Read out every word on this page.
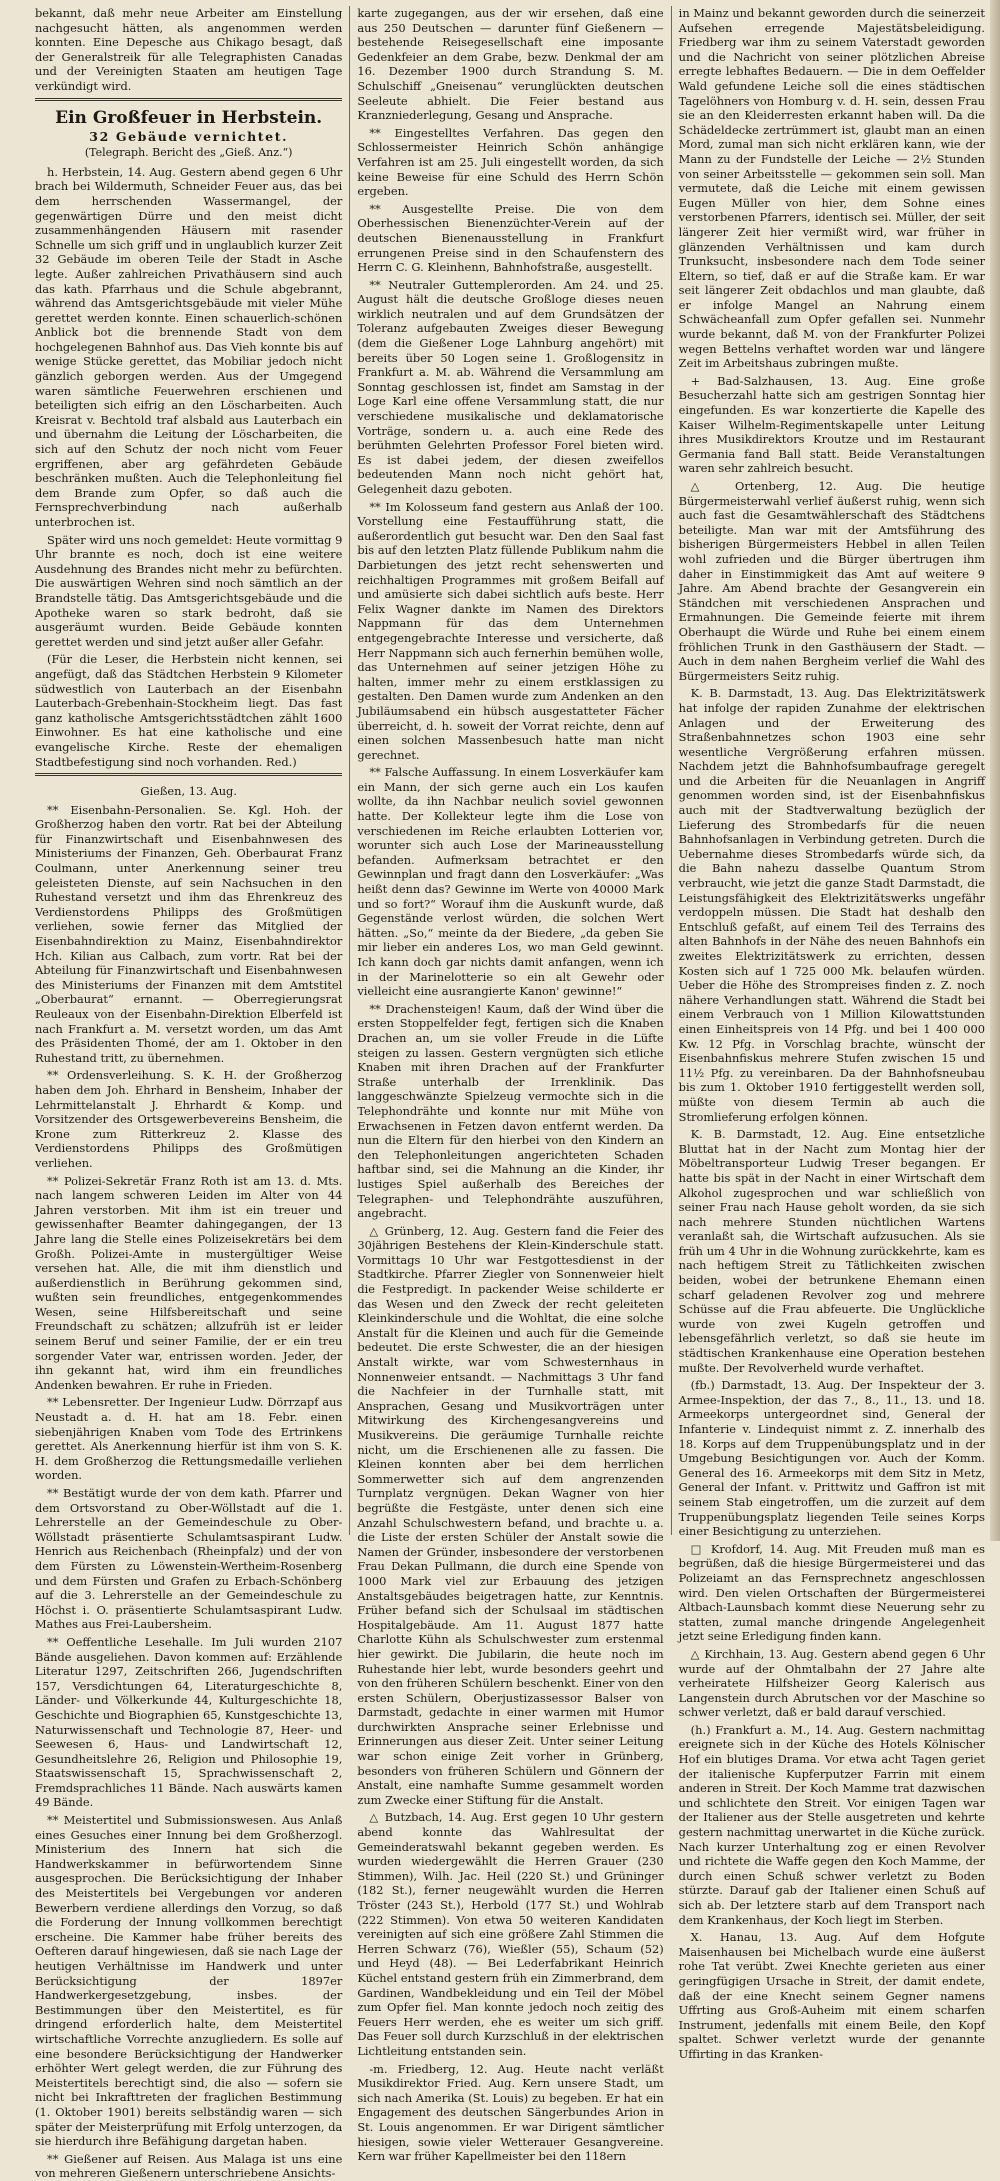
bekannt, daß mehr neue Arbeiter am Einstellung nachgesucht hätten, als angenommen werden konnten. Eine Depesche aus Chikago besagt, daß der Generalstreik für alle Telegraphisten Canadas und der Vereinigten Staaten am heutigen Tage verkündigt wird.

Ein Großfeuer in Herbstein.
32 Gebäude vernichtet.
(Telegraph. Bericht des „Gieß. Anz.“)

h. Herbstein, 14. Aug. Gestern abend gegen 6 Uhr brach bei Wildermuth, Schneider Feuer aus, das bei dem herrschenden Wassermangel, der gegenwärtigen Dürre und den meist dicht zusammenhängenden Häusern mit rasender Schnelle um sich griff und in unglaublich kurzer Zeit 32 Gebäude im oberen Teile der Stadt in Asche legte. Außer zahlreichen Privathäusern sind auch das kath. Pfarrhaus und die Schule abgebrannt, während das Amtsgerichtsgebäude mit vieler Mühe gerettet werden konnte. Einen schauerlich-schönen Anblick bot die brennende Stadt von dem hochgelegenen Bahnhof aus. Das Vieh konnte bis auf wenige Stücke gerettet, das Mobiliar jedoch nicht gänzlich geborgen werden. Aus der Umgegend waren sämtliche Feuerwehren erschienen und beteiligten sich eifrig an den Löscharbeiten. Auch Kreisrat v. Bechtold traf alsbald aus Lauterbach ein und übernahm die Leitung der Löscharbeiten, die sich auf den Schutz der noch nicht vom Feuer ergriffenen, aber arg gefährdeten Gebäude beschränken mußten. Auch die Telephonleitung fiel dem Brande zum Opfer, so daß auch die Fernsprechverbindung nach außerhalb unterbrochen ist.

Später wird uns noch gemeldet: Heute vormittag 9 Uhr brannte es noch, doch ist eine weitere Ausdehnung des Brandes nicht mehr zu befürchten. Die auswärtigen Wehren sind noch sämtlich an der Brandstelle tätig. Das Amtsgerichtsgebäude und die Apotheke waren so stark bedroht, daß sie ausgeräumt wurden. Beide Gebäude konnten gerettet werden und sind jetzt außer aller Gefahr.

(Für die Leser, die Herbstein nicht kennen, sei angefügt, daß das Städtchen Herbstein 9 Kilometer südwestlich von Lauterbach an der Eisenbahn Lauterbach-Grebenhain-Stockheim liegt. Das fast ganz katholische Amtsgerichtsstädtchen zählt 1600 Einwohner. Es hat eine katholische und eine evangelische Kirche. Reste der ehemaligen Stadtbefestigung sind noch vorhanden. Red.)

Gießen, 13. Aug.

** Eisenbahn-Personalien. Se. Kgl. Hoh. der Großherzog haben den vortr. Rat bei der Abteilung für Finanzwirtschaft und Eisenbahnwesen des Ministeriums der Finanzen, Geh. Oberbaurat Franz Coulmann, unter Anerkennung seiner treu geleisteten Dienste, auf sein Nachsuchen in den Ruhestand versetzt und ihm das Ehrenkreuz des Verdienstordens Philipps des Großmütigen verliehen, sowie ferner das Mitglied der Eisenbahndirektion zu Mainz, Eisenbahndirektor Hch. Kilian aus Calbach, zum vortr. Rat bei der Abteilung für Finanzwirtschaft und Eisenbahnwesen des Ministeriums der Finanzen mit dem Amtstitel „Oberbaurat“ ernannt. — Oberregierungsrat Reuleaux von der Eisenbahn-Direktion Elberfeld ist nach Frankfurt a. M. versetzt worden, um das Amt des Präsidenten Thomé, der am 1. Oktober in den Ruhestand tritt, zu übernehmen.

** Ordensverleihung. S. K. H. der Großherzog haben dem Joh. Ehrhard in Bensheim, Inhaber der Lehrmittelanstalt J. Ehrhardt & Komp. und Vorsitzender des Ortsgewerbevereins Bensheim, die Krone zum Ritterkreuz 2. Klasse des Verdienstordens Philipps des Großmütigen verliehen.

** Polizei-Sekretär Franz Roth ist am 13. d. Mts. nach langem schweren Leiden im Alter von 44 Jahren verstorben. Mit ihm ist ein treuer und gewissenhafter Beamter dahingegangen, der 13 Jahre lang die Stelle eines Polizeisekretärs bei dem Großh. Polizei-Amte in mustergültiger Weise versehen hat. Alle, die mit ihm dienstlich und außerdienstlich in Berührung gekommen sind, wußten sein freundliches, entgegenkommendes Wesen, seine Hilfsbereitschaft und seine Freundschaft zu schätzen; allzufrüh ist er leider seinem Beruf und seiner Familie, der er ein treu sorgender Vater war, entrissen worden. Jeder, der ihn gekannt hat, wird ihm ein freundliches Andenken bewahren. Er ruhe in Frieden.

** Lebensretter. Der Ingenieur Ludw. Dörrzapf aus Neustadt a. d. H. hat am 18. Febr. einen siebenjährigen Knaben vom Tode des Ertrinkens gerettet. Als Anerkennung hierfür ist ihm von S. K. H. dem Großherzog die Rettungsmedaille verliehen worden.

** Bestätigt wurde der von dem kath. Pfarrer und dem Ortsvorstand zu Ober-Wöllstadt auf die 1. Lehrerstelle an der Gemeindeschule zu Ober-Wöllstadt präsentierte Schulamtsaspirant Ludw. Henrich aus Reichenbach (Rheinpfalz) und der von dem Fürsten zu Löwenstein-Wertheim-Rosenberg und dem Fürsten und Grafen zu Erbach-Schönberg auf die 3. Lehrerstelle an der Gemeindeschule zu Höchst i. O. präsentierte Schulamtsaspirant Ludw. Mathes aus Frei-Laubersheim.

** Oeffentliche Lesehalle. Im Juli wurden 2107 Bände ausgeliehen. Davon kommen auf: Erzählende Literatur 1297, Zeitschriften 266, Jugendschriften 157, Versdichtungen 64, Literaturgeschichte 8, Länder- und Völkerkunde 44, Kulturgeschichte 18, Geschichte und Biographien 65, Kunstgeschichte 13, Naturwissenschaft und Technologie 87, Heer- und Seewesen 6, Haus- und Landwirtschaft 12, Gesundheitslehre 26, Religion und Philosophie 19, Staatswissenschaft 15, Sprachwissenschaft 2, Fremdsprachliches 11 Bände. Nach auswärts kamen 49 Bände.

** Meistertitel und Submissionswesen. Aus Anlaß eines Gesuches einer Innung bei dem Großherzogl. Ministerium des Innern hat sich die Handwerkskammer in befürwortendem Sinne ausgesprochen. Die Berücksichtigung der Inhaber des Meistertitels bei Vergebungen vor anderen Bewerbern verdiene allerdings den Vorzug, so daß die Forderung der Innung vollkommen berechtigt erscheine. Die Kammer habe früher bereits des Oefteren darauf hingewiesen, daß sie nach Lage der heutigen Verhältnisse im Handwerk und unter Berücksichtigung der 1897er Handwerkergesetzgebung, insbes. der Bestimmungen über den Meistertitel, es für dringend erforderlich halte, dem Meistertitel wirtschaftliche Vorrechte anzugliedern. Es solle auf eine besondere Berücksichtigung der Handwerker erhöhter Wert gelegt werden, die zur Führung des Meistertitels berechtigt sind, die also — sofern sie nicht bei Inkrafttreten der fraglichen Bestimmung (1. Oktober 1901) bereits selbständig waren — sich später der Meisterprüfung mit Erfolg unterzogen, da sie hierdurch ihre Befähigung dargetan haben.

** Gießener auf Reisen. Aus Malaga ist uns eine von mehreren Gießenern unterschriebene Ansichts-

karte zugegangen, aus der wir ersehen, daß eine aus 250 Deutschen — darunter fünf Gießenern — bestehende Reisegesellschaft eine imposante Gedenkfeier an dem Grabe, bezw. Denkmal der am 16. Dezember 1900 durch Strandung S. M. Schulschiff „Gneisenau“ verunglückten deutschen Seeleute abhielt. Die Feier bestand aus Kranzniederlegung, Gesang und Ansprache.

** Eingestelltes Verfahren. Das gegen den Schlossermeister Heinrich Schön anhängige Verfahren ist am 25. Juli eingestellt worden, da sich keine Beweise für eine Schuld des Herrn Schön ergeben.

** Ausgestellte Preise. Die von dem Oberhessischen Bienenzüchter-Verein auf der deutschen Bienenausstellung in Frankfurt errungenen Preise sind in den Schaufenstern des Herrn C. G. Kleinhenn, Bahnhofstraße, ausgestellt.

** Neutraler Guttemplerorden. Am 24. und 25. August hält die deutsche Großloge dieses neuen wirklich neutralen und auf dem Grundsätzen der Toleranz aufgebauten Zweiges dieser Bewegung (dem die Gießener Loge Lahnburg angehört) mit bereits über 50 Logen seine 1. Großlogensitz in Frankfurt a. M. ab. Während die Versammlung am Sonntag geschlossen ist, findet am Samstag in der Loge Karl eine offene Versammlung statt, die nur verschiedene musikalische und deklamatorische Vorträge, sondern u. a. auch eine Rede des berühmten Gelehrten Professor Forel bieten wird. Es ist dabei jedem, der diesen zweifellos bedeutenden Mann noch nicht gehört hat, Gelegenheit dazu geboten.

** Im Kolosseum fand gestern aus Anlaß der 100. Vorstellung eine Festaufführung statt, die außerordentlich gut besucht war. Den den Saal fast bis auf den letzten Platz füllende Publikum nahm die Darbietungen des jetzt recht sehenswerten und reichhaltigen Programmes mit großem Beifall auf und amüsierte sich dabei sichtlich aufs beste. Herr Felix Wagner dankte im Namen des Direktors Nappmann für das dem Unternehmen entgegengebrachte Interesse und versicherte, daß Herr Nappmann sich auch fernerhin bemühen wolle, das Unternehmen auf seiner jetzigen Höhe zu halten, immer mehr zu einem erstklassigen zu gestalten. Den Damen wurde zum Andenken an den Jubiläumsabend ein hübsch ausgestatteter Fächer überreicht, d. h. soweit der Vorrat reichte, denn auf einen solchen Massenbesuch hatte man nicht gerechnet.

** Falsche Auffassung. In einem Losverkäufer kam ein Mann, der sich gerne auch ein Los kaufen wollte, da ihn Nachbar neulich soviel gewonnen hatte. Der Kollekteur legte ihm die Lose von verschiedenen im Reiche erlaubten Lotterien vor, worunter sich auch Lose der Marineausstellung befanden. Aufmerksam betrachtet er den Gewinnplan und fragt dann den Losverkäufer: „Was heißt denn das? Gewinne im Werte von 40000 Mark und so fort?“ Worauf ihm die Auskunft wurde, daß Gegenstände verlost würden, die solchen Wert hätten. „So,“ meinte da der Biedere, „da geben Sie mir lieber ein anderes Los, wo man Geld gewinnt. Ich kann doch gar nichts damit anfangen, wenn ich in der Marinelotterie so ein alt Gewehr oder vielleicht eine ausrangierte Kanon' gewinne!“

** Drachensteigen! Kaum, daß der Wind über die ersten Stoppelfelder fegt, fertigen sich die Knaben Drachen an, um sie voller Freude in die Lüfte steigen zu lassen. Gestern vergnügten sich etliche Knaben mit ihren Drachen auf der Frankfurter Straße unterhalb der Irrenklinik. Das langgeschwänzte Spielzeug vermochte sich in die Telephondrähte und konnte nur mit Mühe von Erwachsenen in Fetzen davon entfernt werden. Da nun die Eltern für den hierbei von den Kindern an den Telephonleitungen angerichteten Schaden haftbar sind, sei die Mahnung an die Kinder, ihr lustiges Spiel außerhalb des Bereiches der Telegraphen- und Telephondrähte auszuführen, angebracht.

△ Grünberg, 12. Aug. Gestern fand die Feier des 30jährigen Bestehens der Klein-Kinderschule statt. Vormittags 10 Uhr war Festgottesdienst in der Stadtkirche. Pfarrer Ziegler von Sonnenweier hielt die Festpredigt. In packender Weise schilderte er das Wesen und den Zweck der recht geleiteten Kleinkinderschule und die Wohltat, die eine solche Anstalt für die Kleinen und auch für die Gemeinde bedeutet. Die erste Schwester, die an der hiesigen Anstalt wirkte, war vom Schwesternhaus in Nonnenweier entsandt. — Nachmittags 3 Uhr fand die Nachfeier in der Turnhalle statt, mit Ansprachen, Gesang und Musikvorträgen unter Mitwirkung des Kirchengesangvereins und Musikvereins. Die geräumige Turnhalle reichte nicht, um die Erschienenen alle zu fassen. Die Kleinen konnten aber bei dem herrlichen Sommerwetter sich auf dem angrenzenden Turnplatz vergnügen. Dekan Wagner von hier begrüßte die Festgäste, unter denen sich eine Anzahl Schulschwestern befand, und brachte u. a. die Liste der ersten Schüler der Anstalt sowie die Namen der Gründer, insbesondere der verstorbenen Frau Dekan Pullmann, die durch eine Spende von 1000 Mark viel zur Erbauung des jetzigen Anstaltsgebäudes beigetragen hatte, zur Kenntnis. Früher befand sich der Schulsaal im städtischen Hospitalgebäude. Am 11. August 1877 hatte Charlotte Kühn als Schulschwester zum erstenmal hier gewirkt. Die Jubilarin, die heute noch im Ruhestande hier lebt, wurde besonders geehrt und von den früheren Schülern beschenkt. Einer von den ersten Schülern, Oberjustizassessor Balser von Darmstadt, gedachte in einer warmen mit Humor durchwirkten Ansprache seiner Erlebnisse und Erinnerungen aus dieser Zeit. Unter seiner Leitung war schon einige Zeit vorher in Grünberg, besonders von früheren Schülern und Gönnern der Anstalt, eine namhafte Summe gesammelt worden zum Zwecke einer Stiftung für die Anstalt.

△ Butzbach, 14. Aug. Erst gegen 10 Uhr gestern abend konnte das Wahlresultat der Gemeinderatswahl bekannt gegeben werden. Es wurden wiedergewählt die Herren Grauer (230 Stimmen), Wilh. Jac. Heil (220 St.) und Grüninger (182 St.), ferner neugewählt wurden die Herren Tröster (243 St.), Herbold (177 St.) und Wohlrab (222 Stimmen). Von etwa 50 weiteren Kandidaten vereinigten auf sich eine größere Zahl Stimmen die Herren Schwarz (76), Wießler (55), Schaum (52) und Heyd (48). — Bei Lederfabrikant Heinrich Küchel entstand gestern früh ein Zimmerbrand, dem Gardinen, Wandbekleidung und ein Teil der Möbel zum Opfer fiel. Man konnte jedoch noch zeitig des Feuers Herr werden, ehe es weiter um sich griff. Das Feuer soll durch Kurzschluß in der elektrischen Lichtleitung entstanden sein.

-m. Friedberg, 12. Aug. Heute nacht verläßt Musikdirektor Fried. Aug. Kern unsere Stadt, um sich nach Amerika (St. Louis) zu begeben. Er hat ein Engagement des deutschen Sängerbundes Arion in St. Louis angenommen. Er war Dirigent sämtlicher hiesigen, sowie vieler Wetterauer Gesangvereine. Kern war früher Kapellmeister bei den 118ern

in Mainz und bekannt geworden durch die seinerzeit Aufsehen erregende Majestätsbeleidigung. Friedberg war ihm zu seinem Vaterstadt geworden und die Nachricht von seiner plötzlichen Abreise erregte lebhaftes Bedauern. — Die in dem Oeffelder Wald gefundene Leiche soll die eines städtischen Tagelöhners von Homburg v. d. H. sein, dessen Frau sie an den Kleiderresten erkannt haben will. Da die Schädeldecke zertrümmert ist, glaubt man an einen Mord, zumal man sich nicht erklären kann, wie der Mann zu der Fundstelle der Leiche — 2½ Stunden von seiner Arbeitsstelle — gekommen sein soll. Man vermutete, daß die Leiche mit einem gewissen Eugen Müller von hier, dem Sohne eines verstorbenen Pfarrers, identisch sei. Müller, der seit längerer Zeit hier vermißt wird, war früher in glänzenden Verhältnissen und kam durch Trunksucht, insbesondere nach dem Tode seiner Eltern, so tief, daß er auf die Straße kam. Er war seit längerer Zeit obdachlos und man glaubte, daß er infolge Mangel an Nahrung einem Schwächeanfall zum Opfer gefallen sei. Nunmehr wurde bekannt, daß M. von der Frankfurter Polizei wegen Bettelns verhaftet worden war und längere Zeit im Arbeitshaus zubringen mußte.

+ Bad-Salzhausen, 13. Aug. Eine große Besucherzahl hatte sich am gestrigen Sonntag hier eingefunden. Es war konzertierte die Kapelle des Kaiser Wilhelm-Regimentskapelle unter Leitung ihres Musikdirektors Kroutze und im Restaurant Germania fand Ball statt. Beide Veranstaltungen waren sehr zahlreich besucht.

△ Ortenberg, 12. Aug. Die heutige Bürgermeisterwahl verlief äußerst ruhig, wenn sich auch fast die Gesamtwählerschaft des Städtchens beteiligte. Man war mit der Amtsführung des bisherigen Bürgermeisters Hebbel in allen Teilen wohl zufrieden und die Bürger übertrugen ihm daher in Einstimmigkeit das Amt auf weitere 9 Jahre. Am Abend brachte der Gesangverein ein Ständchen mit verschiedenen Ansprachen und Ermahnungen. Die Gemeinde feierte mit ihrem Oberhaupt die Würde und Ruhe bei einem einem fröhlichen Trunk in den Gasthäusern der Stadt. — Auch in dem nahen Bergheim verlief die Wahl des Bürgermeisters Seitz ruhig.

K. B. Darmstadt, 13. Aug. Das Elektrizitätswerk hat infolge der rapiden Zunahme der elektrischen Anlagen und der Erweiterung des Straßenbahnnetzes schon 1903 eine sehr wesentliche Vergrößerung erfahren müssen. Nachdem jetzt die Bahnhofsumbaufrage geregelt und die Arbeiten für die Neuanlagen in Angriff genommen worden sind, ist der Eisenbahnfiskus auch mit der Stadtverwaltung bezüglich der Lieferung des Strombedarfs für die neuen Bahnhofsanlagen in Verbindung getreten. Durch die Uebernahme dieses Strombedarfs würde sich, da die Bahn nahezu dasselbe Quantum Strom verbraucht, wie jetzt die ganze Stadt Darmstadt, die Leistungsfähigkeit des Elektrizitätswerks ungefähr verdoppeln müssen. Die Stadt hat deshalb den Entschluß gefaßt, auf einem Teil des Terrains des alten Bahnhofs in der Nähe des neuen Bahnhofs ein zweites Elektrizitätswerk zu errichten, dessen Kosten sich auf 1 725 000 Mk. belaufen würden. Ueber die Höhe des Strompreises finden z. Z. noch nähere Verhandlungen statt. Während die Stadt bei einem Verbrauch von 1 Million Kilowattstunden einen Einheitspreis von 14 Pfg. und bei 1 400 000 Kw. 12 Pfg. in Vorschlag brachte, wünscht der Eisenbahnfiskus mehrere Stufen zwischen 15 und 11½ Pfg. zu vereinbaren. Da der Bahnhofsneubau bis zum 1. Oktober 1910 fertiggestellt werden soll, müßte von diesem Termin ab auch die Stromlieferung erfolgen können.

K. B. Darmstadt, 12. Aug. Eine entsetzliche Bluttat hat in der Nacht zum Montag hier der Möbeltransporteur Ludwig Treser begangen. Er hatte bis spät in der Nacht in einer Wirtschaft dem Alkohol zugesprochen und war schließlich von seiner Frau nach Hause geholt worden, da sie sich nach mehrere Stunden nüchtlichen Wartens veranlaßt sah, die Wirtschaft aufzusuchen. Als sie früh um 4 Uhr in die Wohnung zurückkehrte, kam es nach heftigem Streit zu Tätlichkeiten zwischen beiden, wobei der betrunkene Ehemann einen scharf geladenen Revolver zog und mehrere Schüsse auf die Frau abfeuerte. Die Unglückliche wurde von zwei Kugeln getroffen und lebensgefährlich verletzt, so daß sie heute im städtischen Krankenhause eine Operation bestehen mußte. Der Revolverheld wurde verhaftet.

(fb.) Darmstadt, 13. Aug. Der Inspekteur der 3. Armee-Inspektion, der das 7., 8., 11., 13. und 18. Armeekorps untergeordnet sind, General der Infanterie v. Lindequist nimmt z. Z. innerhalb des 18. Korps auf dem Truppenübungsplatz und in der Umgebung Besichtigungen vor. Auch der Komm. General des 16. Armeekorps mit dem Sitz in Metz, General der Infant. v. Prittwitz und Gaffron ist mit seinem Stab eingetroffen, um die zurzeit auf dem Truppenübungsplatz liegenden Teile seines Korps einer Besichtigung zu unterziehen.

□ Krofdorf, 14. Aug. Mit Freuden muß man es begrüßen, daß die hiesige Bürgermeisterei und das Polizeiamt an das Fernsprechnetz angeschlossen wird. Den vielen Ortschaften der Bürgermeisterei Altbach-Launsbach kommt diese Neuerung sehr zu statten, zumal manche dringende Angelegenheit jetzt seine Erledigung finden kann.

△ Kirchhain, 13. Aug. Gestern abend gegen 6 Uhr wurde auf der Ohmtalbahn der 27 Jahre alte verheiratete Hilfsheizer Georg Kalerisch aus Langenstein durch Abrutschen vor der Maschine so schwer verletzt, daß er bald darauf verschied.

(h.) Frankfurt a. M., 14. Aug. Gestern nachmittag ereignete sich in der Küche des Hotels Kölnischer Hof ein blutiges Drama. Vor etwa acht Tagen geriet der italienische Kupferputzer Farrin mit einem anderen in Streit. Der Koch Mamme trat dazwischen und schlichtete den Streit. Vor einigen Tagen war der Italiener aus der Stelle ausgetreten und kehrte gestern nachmittag unerwartet in die Küche zurück. Nach kurzer Unterhaltung zog er einen Revolver und richtete die Waffe gegen den Koch Mamme, der durch einen Schuß schwer verletzt zu Boden stürzte. Darauf gab der Italiener einen Schuß auf sich ab. Der letztere starb auf dem Transport nach dem Krankenhaus, der Koch liegt im Sterben.

X. Hanau, 13. Aug. Auf dem Hofgute Maisenhausen bei Michelbach wurde eine äußerst rohe Tat verübt. Zwei Knechte gerieten aus einer geringfügigen Ursache in Streit, der damit endete, daß der eine Knecht seinem Gegner namens Uffrting aus Groß-Auheim mit einem scharfen Instrument, jedenfalls mit einem Beile, den Kopf spaltet. Schwer verletzt wurde der genannte Uffirting in das Kranken-
